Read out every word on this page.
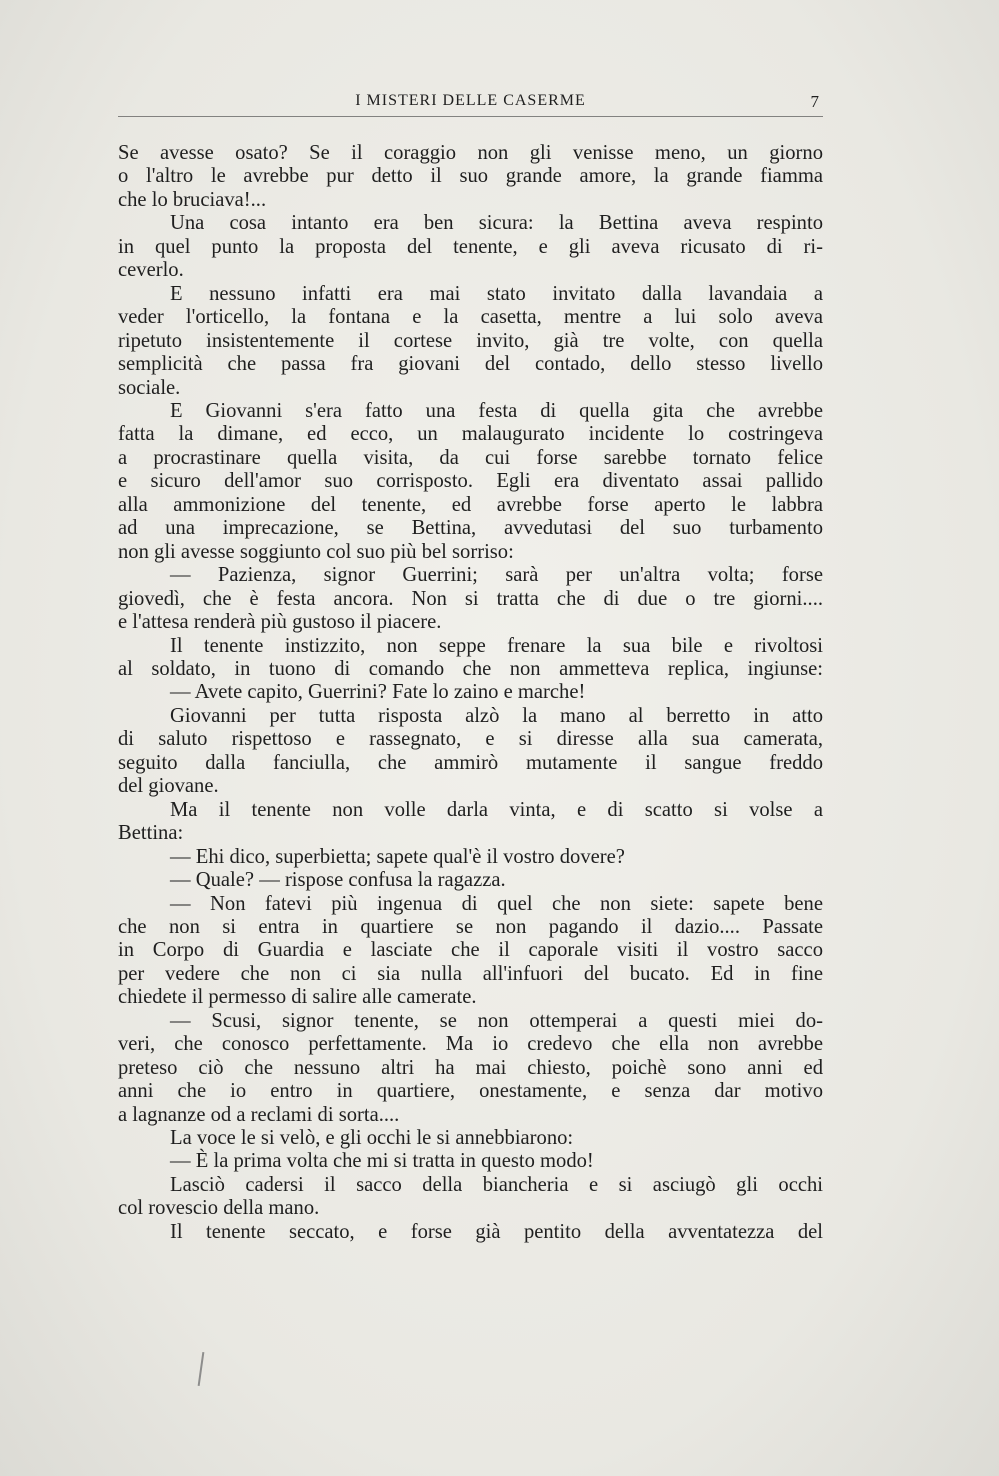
I MISTERI DELLE CASERME	7
Se avesse osato? Se il coraggio non gli venisse meno, un giorno
o l'altro le avrebbe pur detto il suo grande amore, la grande fiamma
che lo bruciava!...
Una cosa intanto era ben sicura: la Bettina aveva respinto
in quel punto la proposta del tenente, e gli aveva ricusato di ri-
ceverlo.
E nessuno infatti era mai stato invitato dalla lavandaia a
veder l'orticello, la fontana e la casetta, mentre a lui solo aveva
ripetuto insistentemente il cortese invito, già tre volte, con quella
semplicità che passa fra giovani del contado, dello stesso livello
sociale.
E Giovanni s'era fatto una festa di quella gita che avrebbe
fatta la dimane, ed ecco, un malaugurato incidente lo costringeva
a procrastinare quella visita, da cui forse sarebbe tornato felice
e sicuro dell'amor suo corrisposto. Egli era diventato assai pallido
alla ammonizione del tenente, ed avrebbe forse aperto le labbra
ad una imprecazione, se Bettina, avvedutasi del suo turbamento
non gli avesse soggiunto col suo più bel sorriso:
— Pazienza, signor Guerrini; sarà per un'altra volta; forse
giovedì, che è festa ancora. Non si tratta che di due o tre giorni....
e l'attesa renderà più gustoso il piacere.
Il tenente instizzito, non seppe frenare la sua bile e rivoltosi
al soldato, in tuono di comando che non ammetteva replica, ingiunse:
— Avete capito, Guerrini? Fate lo zaino e marche!
Giovanni per tutta risposta alzò la mano al berretto in atto
di saluto rispettoso e rassegnato, e si diresse alla sua camerata,
seguito dalla fanciulla, che ammirò mutamente il sangue freddo
del giovane.
Ma il tenente non volle darla vinta, e di scatto si volse a
Bettina:
— Ehi dico, superbietta; sapete qual'è il vostro dovere?
— Quale? — rispose confusa la ragazza.
— Non fatevi più ingenua di quel che non siete: sapete bene
che non si entra in quartiere se non pagando il dazio.... Passate
in Corpo di Guardia e lasciate che il caporale visiti il vostro sacco
per vedere che non ci sia nulla all'infuori del bucato. Ed in fine
chiedete il permesso di salire alle camerate.
— Scusi, signor tenente, se non ottemperai a questi miei do-
veri, che conosco perfettamente. Ma io credevo che ella non avrebbe
preteso ciò che nessuno altri ha mai chiesto, poichè sono anni ed
anni che io entro in quartiere, onestamente, e senza dar motivo
a lagnanze od a reclami di sorta....
La voce le si velò, e gli occhi le si annebbiarono:
— È la prima volta che mi si tratta in questo modo!
Lasciò cadersi il sacco della biancheria e si asciugò gli occhi
col rovescio della mano.
Il tenente seccato, e forse già pentito della avventatezza del
